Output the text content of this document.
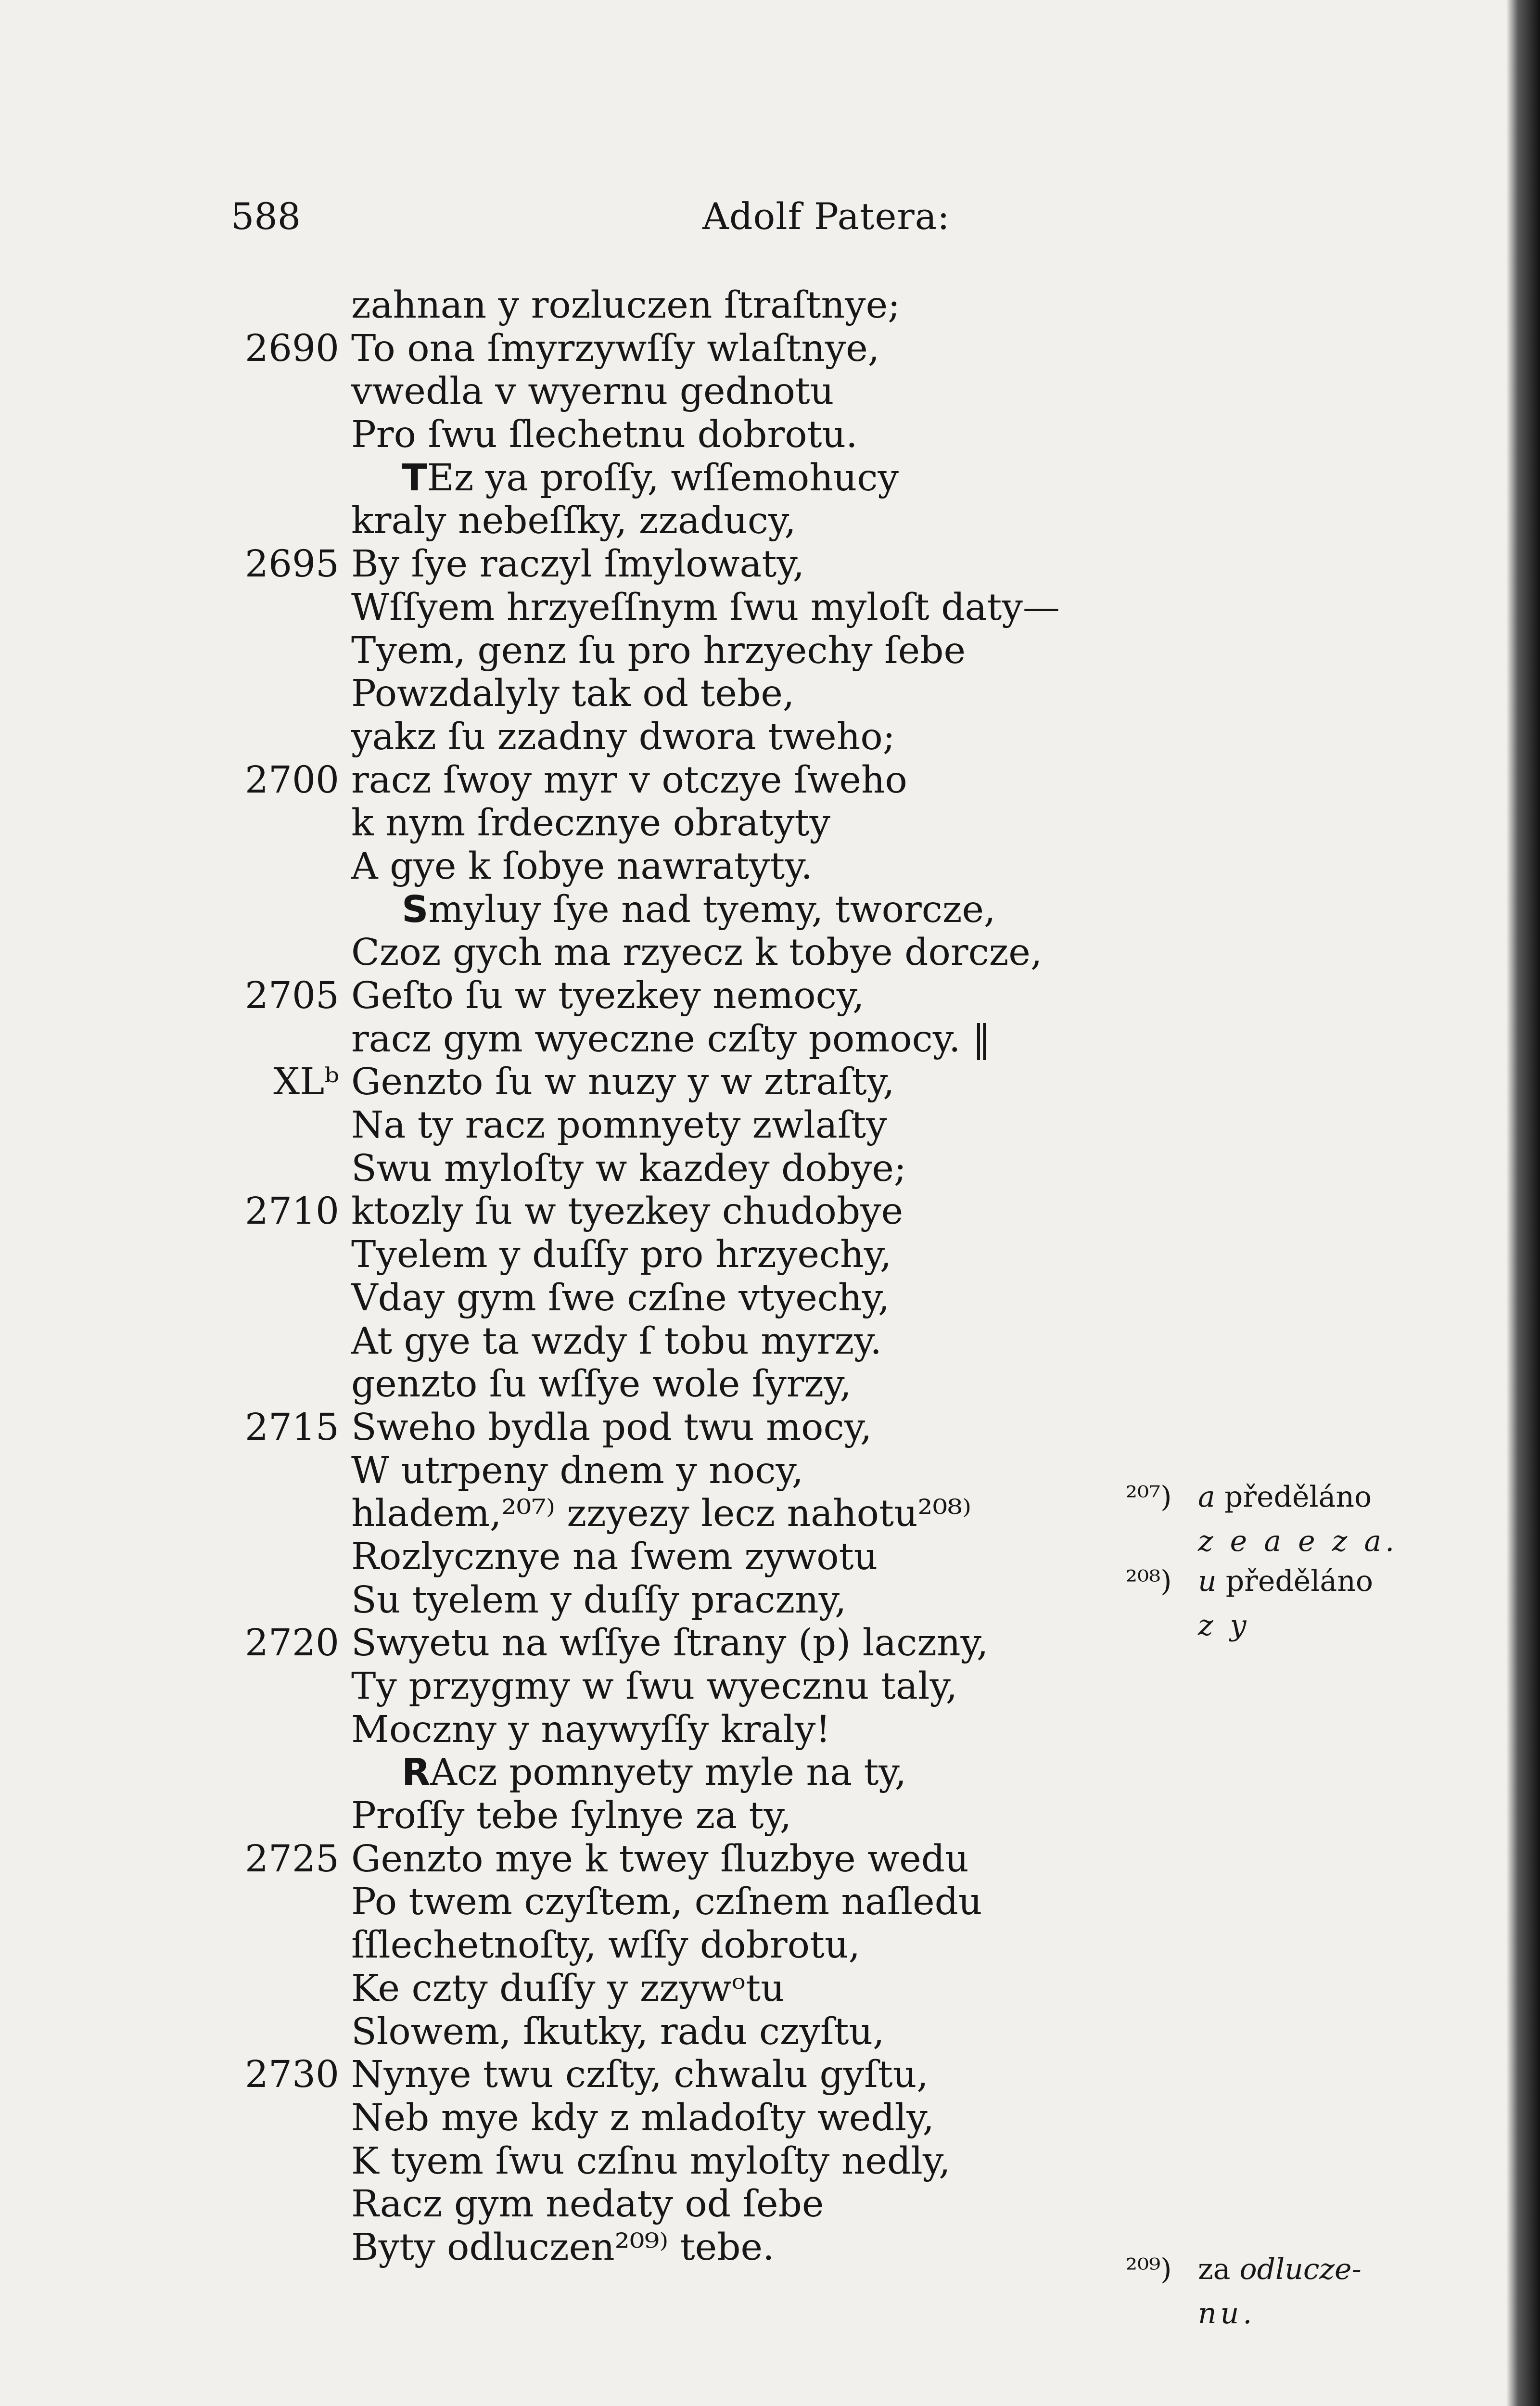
588	Adolf Patera:
zahnan y rozluczen ſtraſtnye;
2690 To ona ſmyrzywſſy wlaſtnye,
vwedla v wyernu gednotu
Pro ſwu ſlechetnu dobrotu.
TEz ya proſſy, wſſemohucy
kraly nebeſſky, zzaducy,
2695 By ſye raczyl ſmylowaty,
Wſſyem hrzyeſſnym ſwu myloſt daty—
Tyem, genz ſu pro hrzyechy ſebe
Powzdalyly tak od tebe,
yakz ſu zzadny dwora tweho;
2700 racz ſwoy myr v otczye ſweho
k nym ſrdecznye obratyty
A gye k ſobye nawratyty.
Smyluy ſye nad tyemy, tworcze,
Czoz gych ma rzyecz k tobye dorcze,
2705 Geſto ſu w tyezkey nemocy,
racz gym wyeczne czſty pomocy. ‖
XLᵇ Genzto ſu w nuzy y w ztraſty,
Na ty racz pomnyety zwlaſty
Swu myloſty w kazdey dobye;
2710 ktozly ſu w tyezkey chudobye
Tyelem y duſſy pro hrzyechy,
Vday gym ſwe czſne vtyechy,
At gye ta wzdy ſ tobu myrzy.
genzto ſu wſſye wole ſyrzy,
2715 Sweho bydla pod twu mocy,
W utrpeny dnem y nocy,
hladem,²⁰⁷⁾ zzyezy lecz nahotu²⁰⁸⁾
Rozlycznye na ſwem zywotu
Su tyelem y duſſy praczny,
2720 Swyetu na wſſye ſtrany (p) laczny,
Ty przygmy w ſwu wyecznu taly,
Moczny y naywyſſy kraly!
RAcz pomnyety myle na ty,
Proſſy tebe ſylnye za ty,
2725 Genzto mye k twey ſluzbye wedu
Po twem czyſtem, czſnem naſledu
ſſlechetnoſty, wſſy dobrotu,
Ke czty duſſy y zzywᵒtu
Slowem, ſkutky, radu czyſtu,
2730 Nynye twu czſty, chwalu gyſtu,
Neb mye kdy z mladoſty wedly,
K tyem ſwu czſnu myloſty nedly,
Racz gym nedaty od ſebe
Byty odluczen²⁰⁹⁾ tebe.
²⁰⁷) a předěláno
z e a e z a.
²⁰⁸) u předěláno
z y
²⁰⁹) za odlucze-
nu.
